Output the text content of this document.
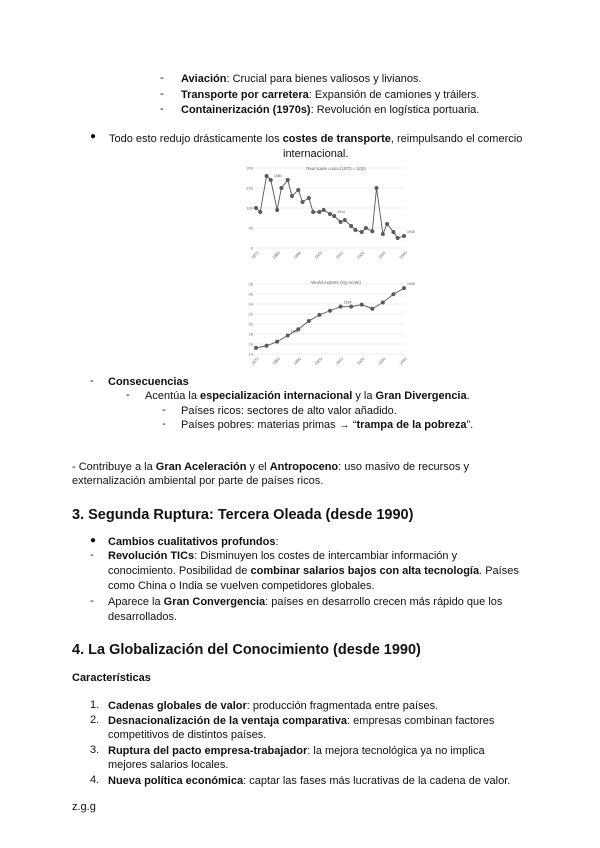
- Aviación: Crucial para bienes valiosos y livianos.
- Transporte por carretera: Expansión de camiones y tráilers.
- Containerización (1970s): Revolución en logística portuaria.
● Todo esto redujo drásticamente los costes de transporte, reimpulsando el comercio
internacional.
Real trade costs (1870 = 100)
0
50
100
150
200
1870	1880	1890	1900	1910	1920	1930	1940
1880
1914
1945
World exports (log scale)
14
16
18
20
22
24
26
28
1870	1880	1890	1900	1910	1920	1930	1940
1880
1914
1945
- Consecuencias
- Acentúa la especialización internacional y la Gran Divergencia.
- Países ricos: sectores de alto valor añadido.
- Países pobres: materias primas → “trampa de la pobreza”.
- Contribuye a la Gran Aceleración y el Antropoceno: uso masivo de recursos y
externalización ambiental por parte de países ricos.
3. Segunda Ruptura: Tercera Oleada (desde 1990)
● Cambios cualitativos profundos:
- Revolución TICs: Disminuyen los costes de intercambiar información y
conocimiento. Posibilidad de combinar salarios bajos con alta tecnología. Países
como China o India se vuelven competidores globales.
- Aparece la Gran Convergencia: países en desarrollo crecen más rápido que los
desarrollados.
4. La Globalización del Conocimiento (desde 1990)
Características
1. Cadenas globales de valor: producción fragmentada entre países.
2. Desnacionalización de la ventaja comparativa: empresas combinan factores
competitivos de distintos países.
3. Ruptura del pacto empresa-trabajador: la mejora tecnológica ya no implica
mejores salarios locales.
4. Nueva política económica: captar las fases más lucrativas de la cadena de valor.
z.g.g
